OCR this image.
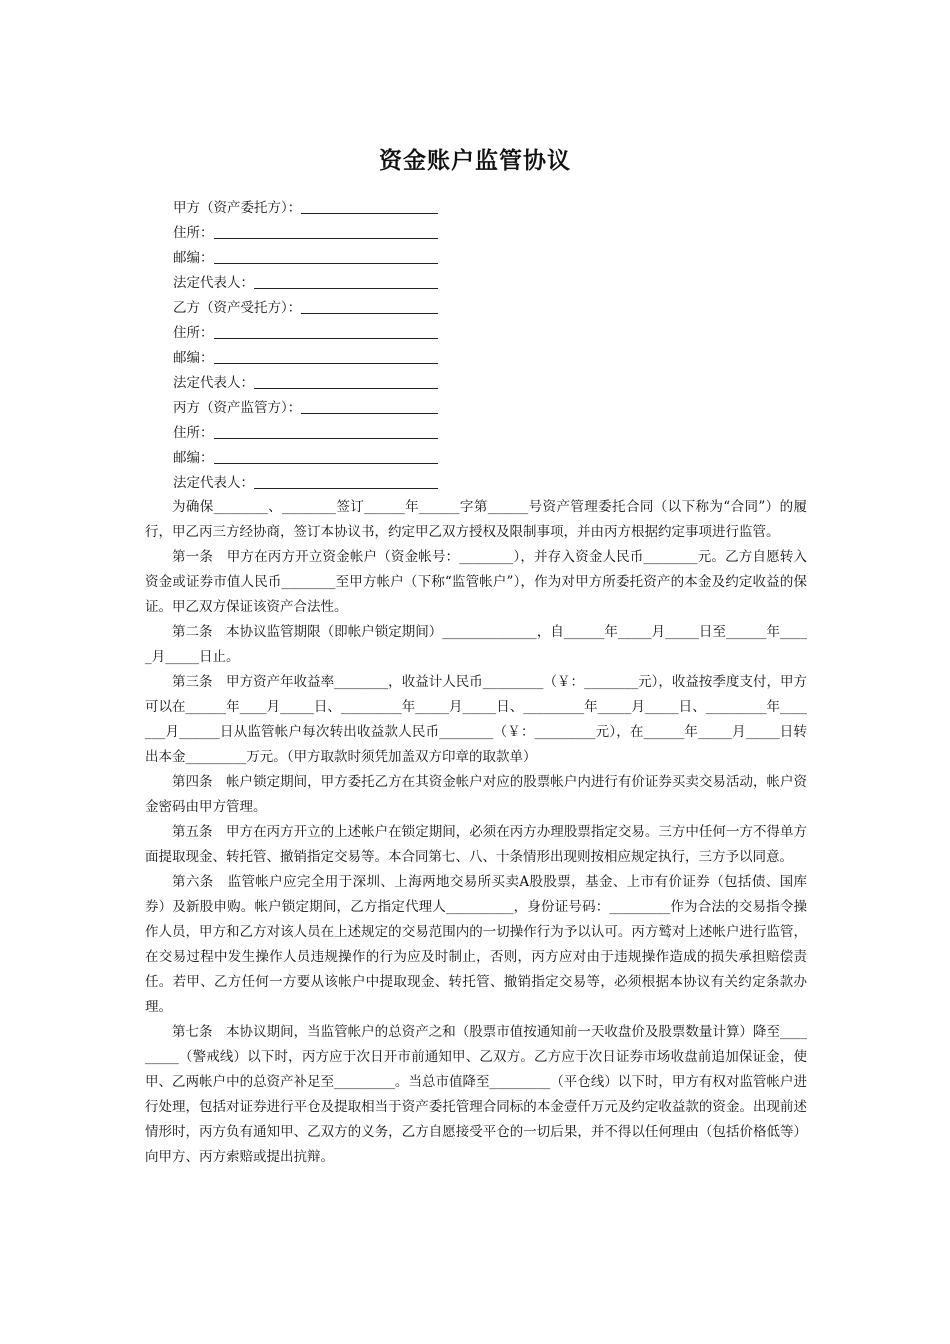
资金账户监管协议
甲方（资产委托方）：
住所：
邮编：
法定代表人：
乙方（资产受托方）：
住所：
邮编：
法定代表人：
丙方（资产监管方）：
住所：
邮编：
法定代表人：

为确保________、________签订______年______字第______号资产管理委托合同（以下称为“合同”）的履行，甲乙丙三方经协商，签订本协议书，约定甲乙双方授权及限制事项，并由丙方根据约定事项进行监管。

第一条　甲方在丙方开立资金帐户（资金帐号：________），并存入资金人民币________元。乙方自愿转入资金或证券市值人民币________至甲方帐户（下称“监管帐户”），作为对甲方所委托资产的本金及约定收益的保证。甲乙双方保证该资产合法性。

第二条　本协议监管期限（即帐户锁定期间）______________，自______年_____月_____日至______年_____月_____日止。

第三条　甲方资产年收益率________，收益计人民币_________（￥：________元），收益按季度支付，甲方可以在______年____月_____日、_________年_____月_____日、_________年_____月_____日、_________年_______月______日从监管帐户每次转出收益款人民币________（￥：_________元），在______年_____月_____日转出本金_________万元。（甲方取款时须凭加盖双方印章的取款单）

第四条　帐户锁定期间，甲方委托乙方在其资金帐户对应的股票帐户内进行有价证券买卖交易活动，帐户资金密码由甲方管理。

第五条　甲方在丙方开立的上述帐户在锁定期间，必须在丙方办理股票指定交易。三方中任何一方不得单方面提取现金、转托管、撤销指定交易等。本合同第七、八、十条情形出现则按相应规定执行，三方予以同意。

第六条　监管帐户应完全用于深圳、上海两地交易所买卖A股股票，基金、上市有价证券（包括债、国库券）及新股申购。帐户锁定期间，乙方指定代理人__________，身份证号码：_________作为合法的交易指令操作人员，甲方和乙方对该人员在上述规定的交易范围内的一切操作行为予以认可。丙方鹫对上述帐户进行监管，在交易过程中发生操作人员违规操作的行为应及时制止，否则，丙方应对由于违规操作造成的损失承担赔偿责任。若甲、乙方任何一方要从该帐户中提取现金、转托管、撤销指定交易等，必须根据本协议有关约定条款办理。

第七条　本协议期间，当监管帐户的总资产之和（股票市值按通知前一天收盘价及股票数量计算）降至_________（警戒线）以下时，丙方应于次日开市前通知甲、乙双方。乙方应于次日证券市场收盘前追加保证金，使甲、乙两帐户中的总资产补足至_________。当总市值降至_________（平仓线）以下时，甲方有权对监管帐户进行处理，包括对证券进行平仓及提取相当于资产委托管理合同标的本金壹仟万元及约定收益款的资金。出现前述情形时，丙方负有通知甲、乙双方的义务，乙方自愿接受平仓的一切后果，并不得以任何理由（包括价格低等）向甲方、丙方索赔或提出抗辩。
